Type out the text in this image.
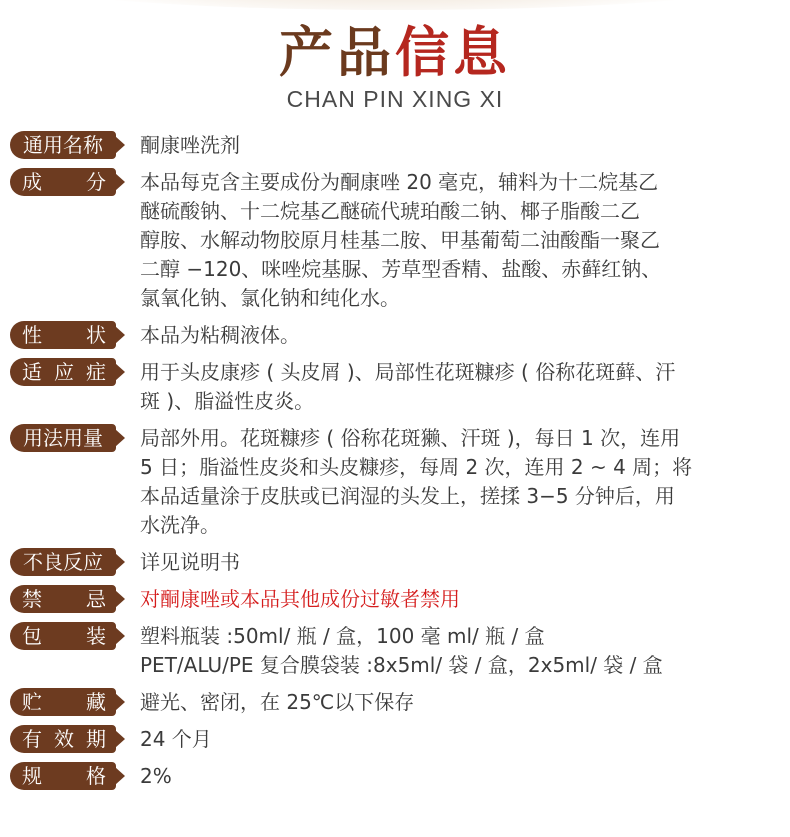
产品信息
CHAN PIN XING XI
通用名称 酮康唑洗剂
成 分 本品每克含主要成份为酮康唑 20 毫克，辅料为十二烷基乙
醚硫酸钠、十二烷基乙醚硫代琥珀酸二钠、椰子脂酸二乙
醇胺、水解动物胶原月桂基二胺、甲基葡萄二油酸酯一聚乙
二醇 −120、咪唑烷基脲、芳草型香精、盐酸、赤藓红钠、
氯氧化钠、氯化钠和纯化水。
性 状 本品为粘稠液体。
适 应 症 用于头皮康疹 ( 头皮屑 )、局部性花斑糠疹 ( 俗称花斑藓、汗
斑 )、脂溢性皮炎。
用法用量 局部外用。花斑糠疹 ( 俗称花斑獭、汗斑 )，每日 1 次，连用
5 日；脂溢性皮炎和头皮糠疹，每周 2 次，连用 2 ~ 4 周；将
本品适量涂于皮肤或已润湿的头发上，搓揉 3−5 分钟后，用
水洗净。
不良反应 详见说明书
禁 忌 对酮康唑或本品其他成份过敏者禁用
包 装 塑料瓶装 :50ml/ 瓶 / 盒，100 毫 ml/ 瓶 / 盒
PET/ALU/PE 复合膜袋装 :8x5ml/ 袋 / 盒，2x5ml/ 袋 / 盒
贮 藏 避光、密闭，在 25℃以下保存
有 效 期 24 个月
规 格 2%
